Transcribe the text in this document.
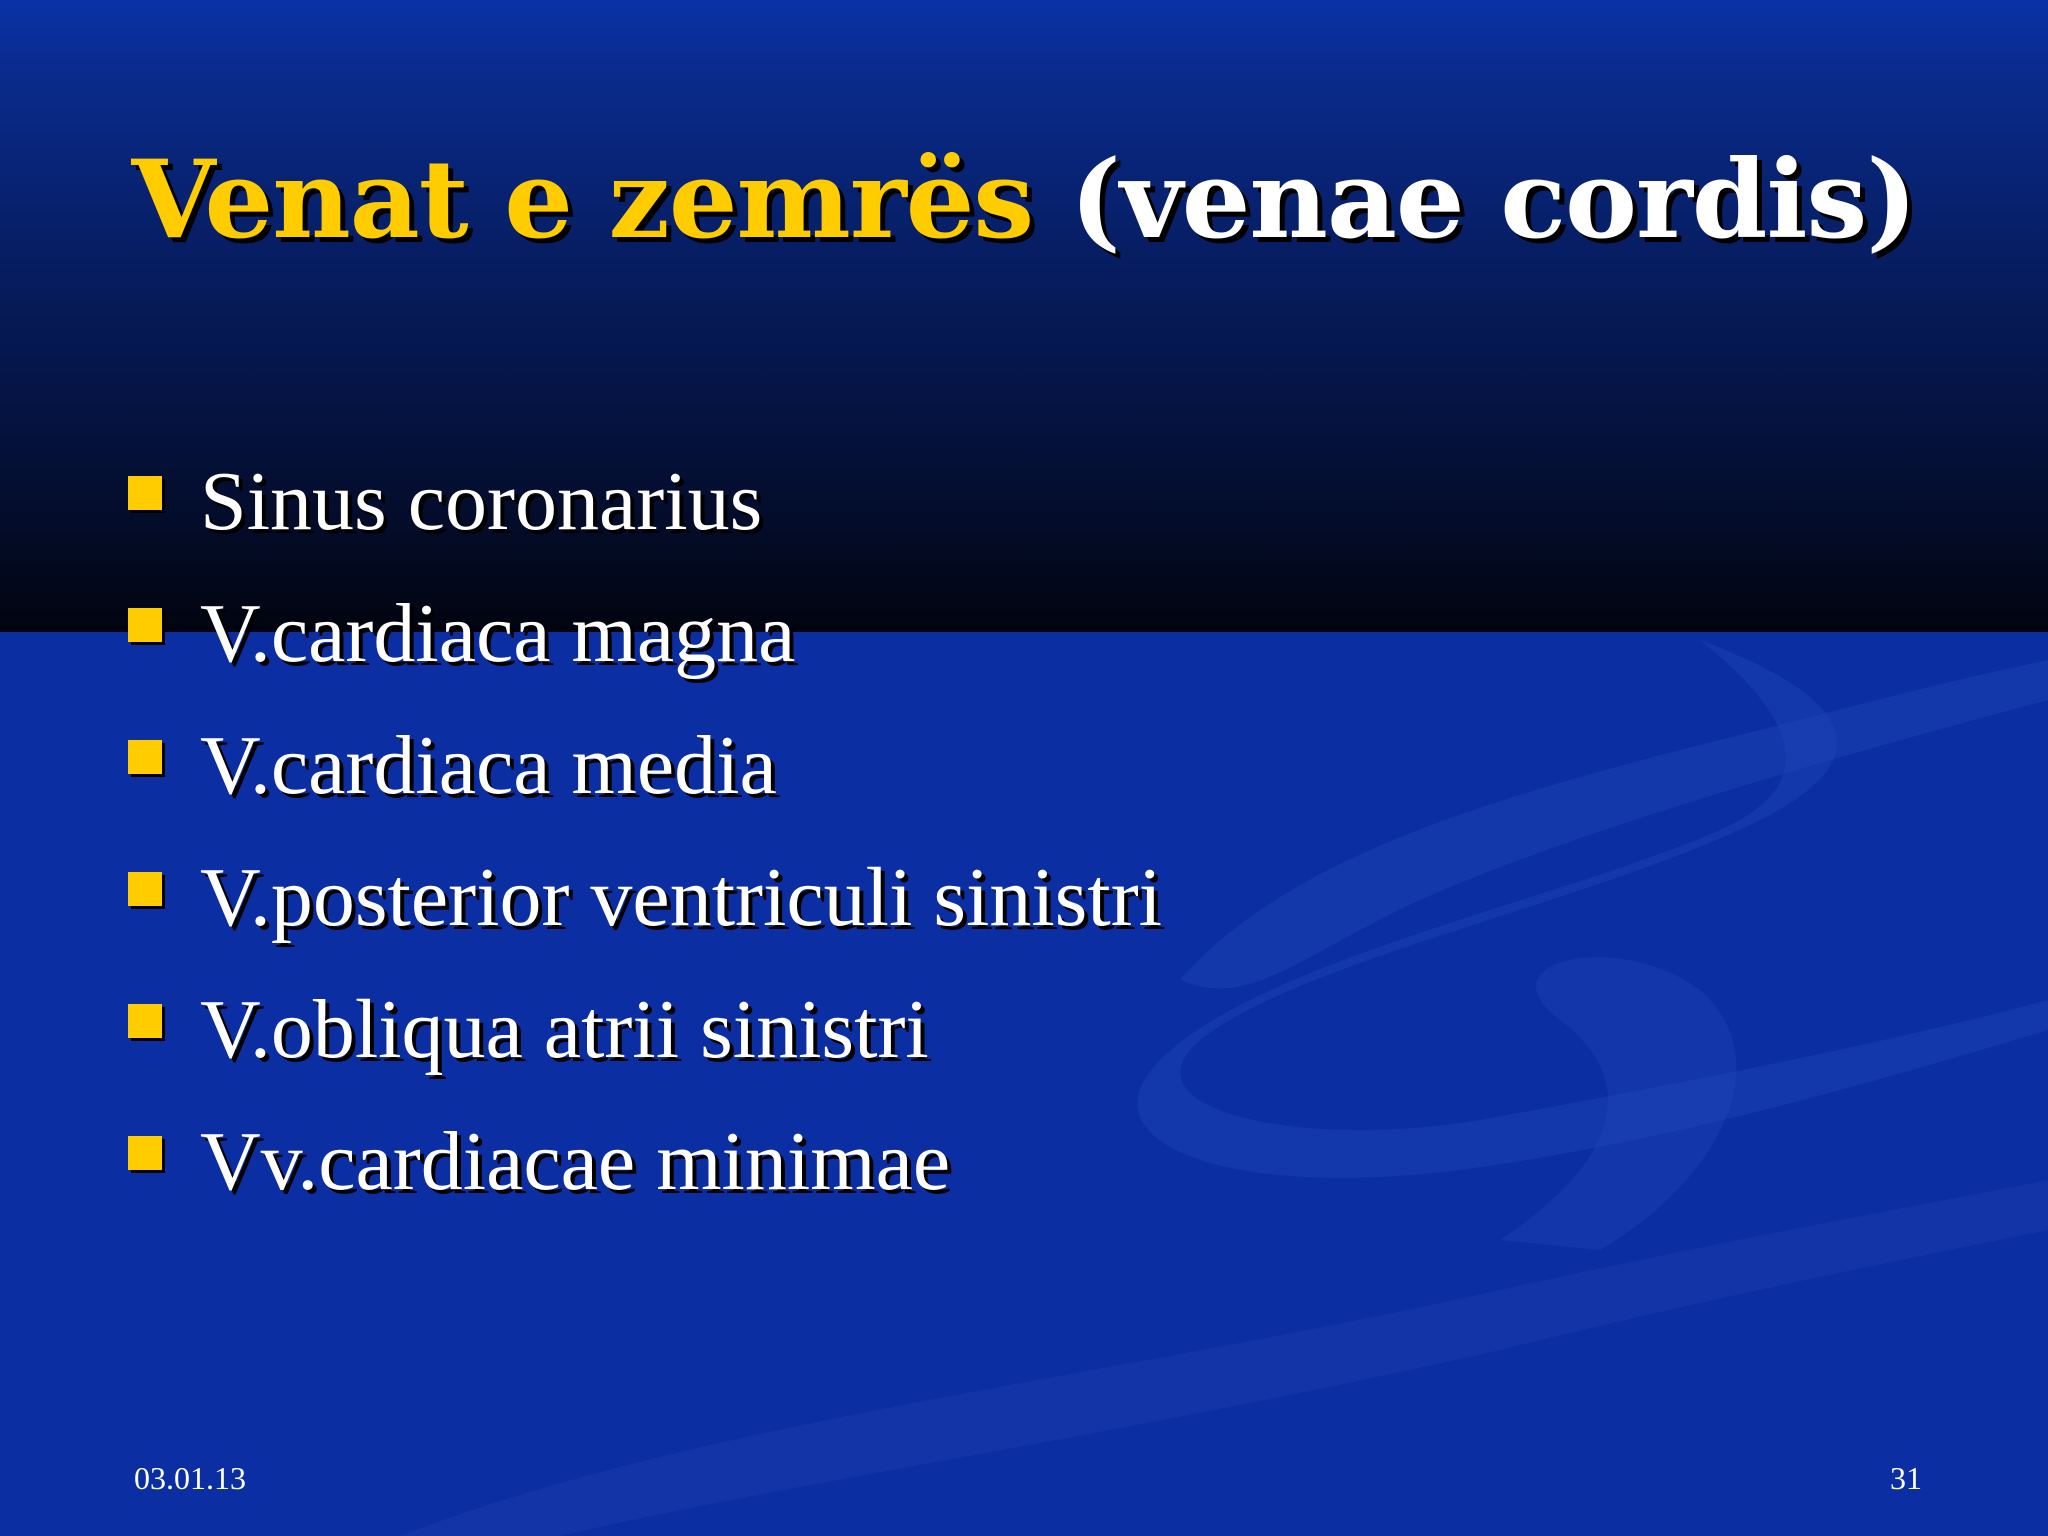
Venat e zemrës (venae cordis)
Sinus coronarius
V.cardiaca magna
V.cardiaca media
V.posterior ventriculi sinistri
V.obliqua atrii sinistri
Vv.cardiacae minimae
03.01.13	31
